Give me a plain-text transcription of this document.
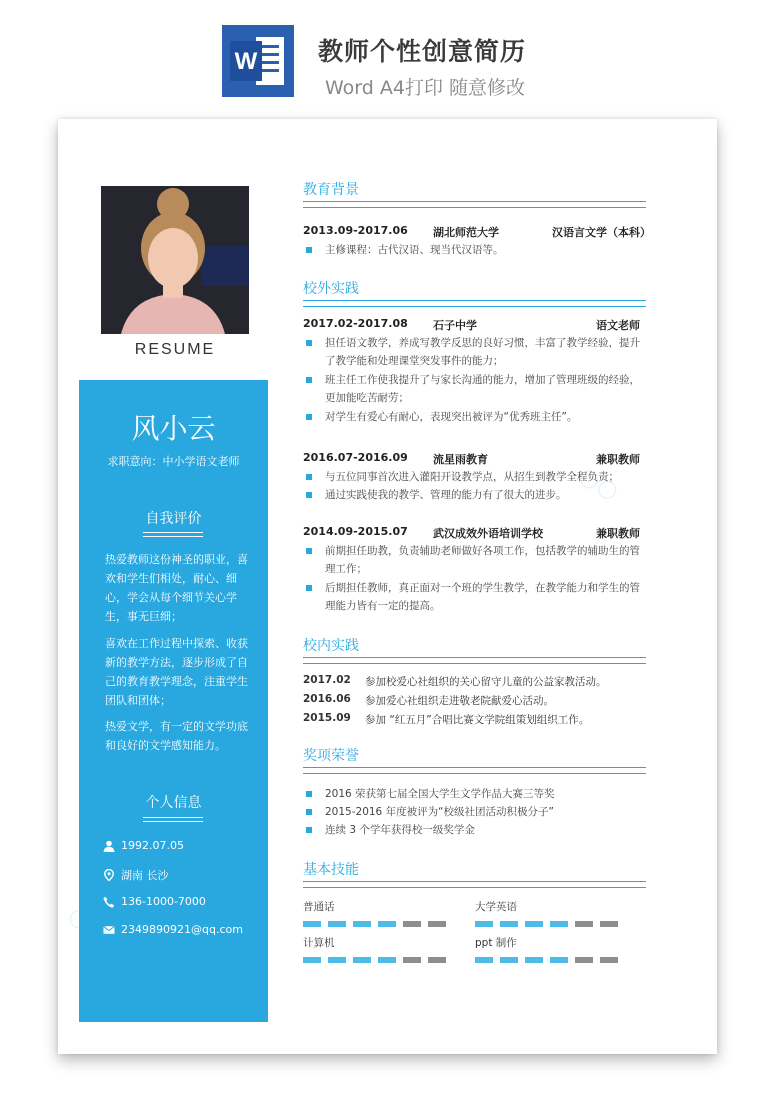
W 教师个性创意简历
Word A4打印 随意修改
RESUME
风小云
求职意向：中小学语文老师
自我评价
热爱教师这份神圣的职业，喜欢和学生们相处，耐心、细心，学会从每个细节关心学生，事无巨细；
喜欢在工作过程中探索、收获新的教学方法，逐步形成了自己的教育教学理念，注重学生团队和团体；
热爱文学，有一定的文学功底和良好的文学感知能力。
个人信息
1992.07.05
湖南 长沙
136-1000-7000
2349890921@qq.com
教育背景
2013.09-2017.06 湖北师范大学	汉语言文学（本科）
主修课程：古代汉语、现当代汉语等。
校外实践
2017.02-2017.08 石子中学	语文老师
担任语文教学，养成写教学反思的良好习惯，丰富了教学经验，提升了教学能和处理课堂突发事件的能力；
班主任工作使我提升了与家长沟通的能力，增加了管理班级的经验，更加能吃苦耐劳；
对学生有爱心有耐心，表现突出被评为“优秀班主任”。
2016.07-2016.09 流星雨教育	兼职教师
与五位同事首次进入灌阳开设教学点，从招生到教学全程负责；
通过实践使我的教学、管理的能力有了很大的进步。
2014.09-2015.07 武汉成效外语培训学校	兼职教师
前期担任助教，负责辅助老师做好各项工作，包括教学的辅助生的管理工作；
后期担任教师，真正面对一个班的学生教学，在教学能力和学生的管理能力皆有一定的提高。
校内实践
2017.02 参加校爱心社组织的关心留守儿童的公益家教活动。
2016.06 参加爱心社组织走进敬老院献爱心活动。
2015.09 参加 “红五月”合唱比赛文学院组策划组织工作。
奖项荣誉
2016 荣获第七届全国大学生文学作品大赛三等奖
2015-2016 年度被评为“校级社团活动积极分子”
连续 3 个学年获得校一级奖学金
基本技能
普通话	大学英语
计算机	ppt 制作
○○
